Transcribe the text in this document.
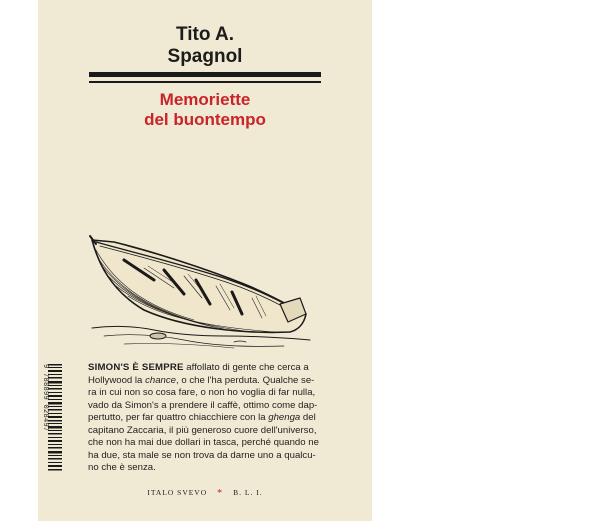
Tito A.
Spagnol
Memoriette
del buontempo
9 788899 028497	SIMON'S È SEMPRE affollato di gente che cerca a
Hollywood la chance, o che l'ha perduta. Qualche se-
ra in cui non so cosa fare, o non ho voglia di far nulla,
vado da Simon's a prendere il caffè, ottimo come dap-
pertutto, per far quattro chiacchiere con la ghenga del
capitano Zaccaria, il più generoso cuore dell'universo,
che non ha mai due dollari in tasca, perché quando ne
ha due, sta male se non trova da darne uno a qualcu-
no che è senza.
ITALO SVEVO * B. L. I.
